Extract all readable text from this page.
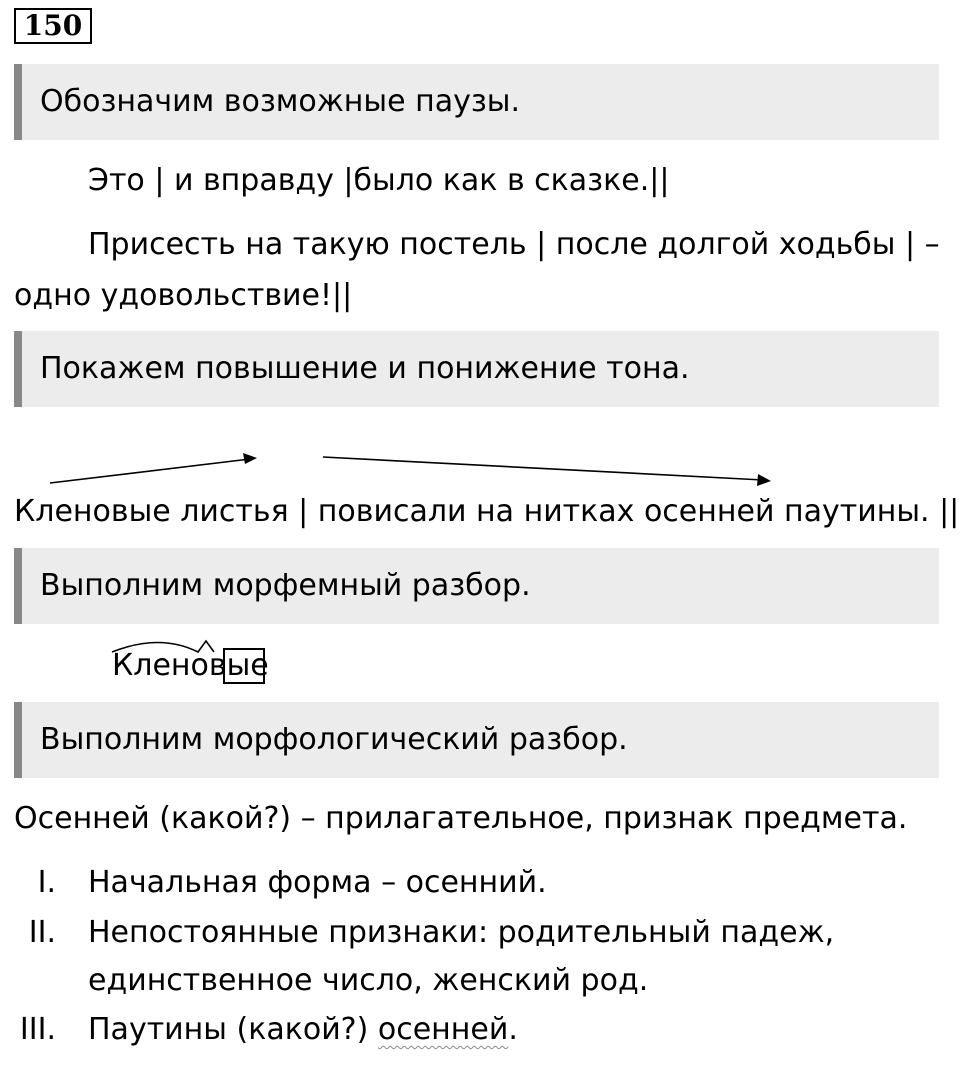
150
Обозначим возможные паузы.
Это | и вправду |было как в сказке.||
Присесть на такую постель | после долгой ходьбы | –
одно удовольствие!||
Покажем повышение и понижение тона.
Кленовые листья | повисали на нитках осенней паутины. ||
Выполним морфемный разбор.
Кленовые
Выполним морфологический разбор.
Осенней (какой?) – прилагательное, признак предмета.
I. Начальная форма – осенний.
II. Непостоянные признаки: родительный падеж,
единственное число, женский род.
III. Паутины (какой?) осенней.
